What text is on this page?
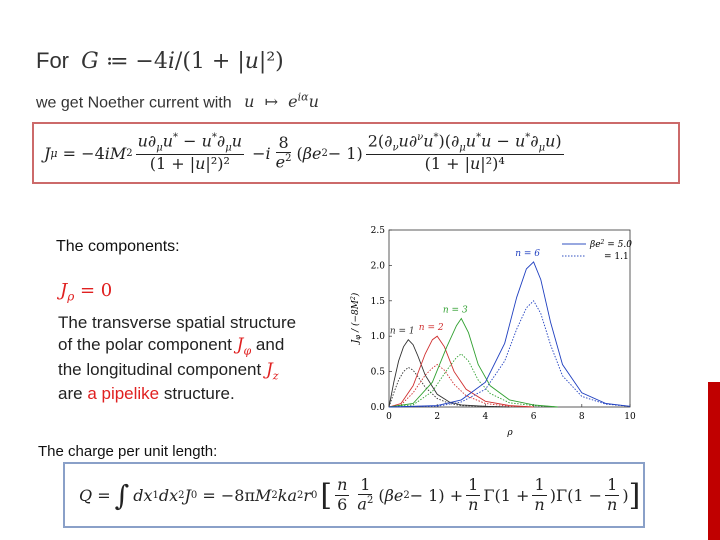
For G ≔ −4i/(1 + |u|²)
we get Noether current with u  ↦  $e^{i\alpha}u$
J μ = −4 iM $2 \frac{u\partial_\mu u^* - u^*\partial_\mu u}{\text{(1 + |u|²)²}} - i \frac{8}{e^2}$ ( βe $2 - 1) \frac{2(\partial_\nu u\partial^\nu u^*)(\partial_\mu u^*u - u^*\partial_\mu u)}{\text{(1 + |u|²)⁴}}$
The components:
$J_\rho = 0$
The transverse spatial structure
of the polar component $J_\varphi$ and
the longitudinal component $J_z$
are a pipelike structure.
0	2	4	6	8	10
0.0
0.5
1.0
1.5
2.0
2.5
$J_\varphi / (-8M^2)$
ρ
$\beta e^2 = 5.0$
= 1.1
n = 1 n = 2
n = 3
n = 6
The charge per unit length:
Q = ∫ dx 1 dx 2 J 0 = −8π M 2 ka 2 r 0 [ $\frac{n}{6} \frac{1}{a^2}$ ( βe $2 - 1) + \frac{1}{n} \Gamma(1 + \frac{1}{n} )\Gamma(1 - \frac{1}{n}$ ) ]
